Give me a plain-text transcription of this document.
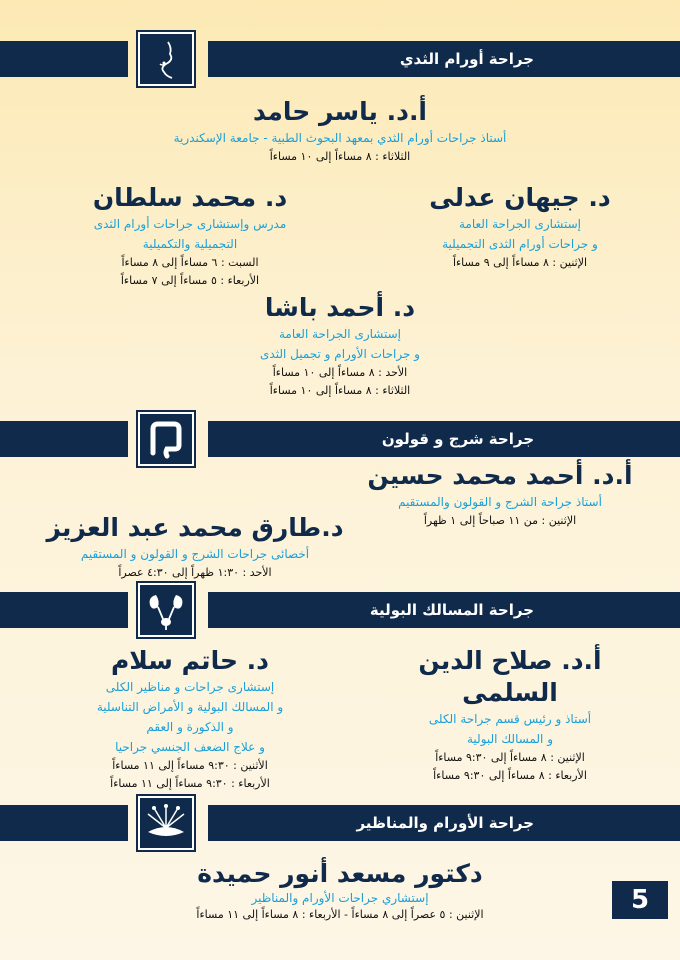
جراحة أورام الثدي
أ.د. ياسر حامد
أستاذ جراحات أورام الثدي بمعهد البحوث الطبية - جامعة الإسكندرية
الثلاثاء : ٨ مساءاً إلى ١٠ مساءاً
د. جيهان عدلى
إستشارى الجراحة العامة
و جراحات أورام الثدى التجميلية
الإثنين : ٨ مساءاً إلى ٩ مساءاً
د. محمد سلطان
مدرس وإستشارى جراحات أورام الثدى
التجميلية والتكميلية
السبت : ٦ مساءاً إلى ٨ مساءاً
الأربعاء : ٥ مساءاً إلى ٧ مساءاً
د. أحمد باشا
إستشارى الجراحة العامة
و جراحات الأورام و تجميل الثدى
الأحد : ٨ مساءاً إلى ١٠ مساءاً
الثلاثاء : ٨ مساءاً إلى ١٠ مساءاً
جراحة شرج و قولون
أ.د. أحمد محمد حسين
أستاذ جراحة الشرج و القولون والمستقيم
الإثنين : من ١١ صباحاً إلى ١ ظهراً
د.طارق محمد عبد العزيز
أخصائى جراحات الشرج و القولون و المستقيم
الأحد : ١:٣٠ ظهراً إلى ٤:٣٠ عصراً
جراحة المسالك البولية
أ.د. صلاح الدين السلمى
أستاذ و رئيس قسم جراحة الكلى
و المسالك البولية
الإثنين : ٨ مساءاً إلى ٩:٣٠ مساءاً
الأربعاء : ٨ مساءاً إلى ٩:٣٠ مساءاً
د. حاتم سلام
إستشارى جراحات و مناظير الكلى
و المسالك البولية و الأمراض التناسلية
و الذكورة و العقم
و علاج الضعف الجنسي جراحيا
الأثنين : ٩:٣٠ مساءاً إلى ١١ مساءاً
الأربعاء : ٩:٣٠ مساءاً إلى ١١ مساءاً
جراحة الأورام والمناظير
دكتور مسعد أنور حميدة
إستشاري جراحات الأورام والمناظير
الإثنين : ٥ عصراً إلى ٨ مساءاً - الأربعاء : ٨ مساءاً إلى ١١ مساءاً	5
